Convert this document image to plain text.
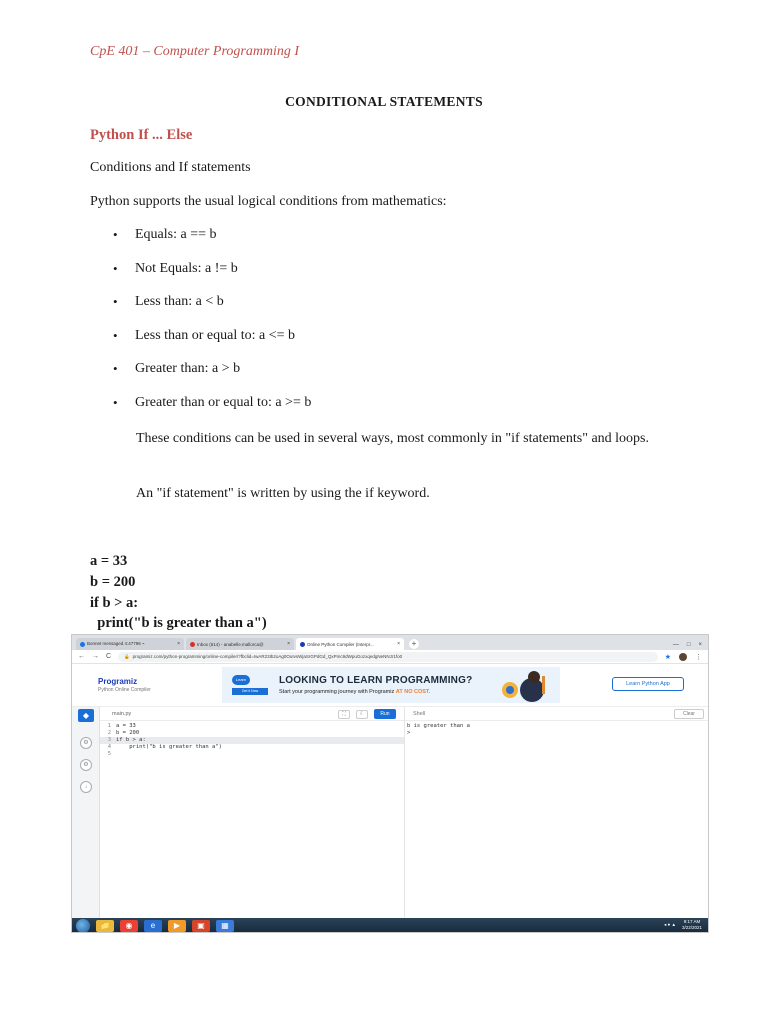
CpE 401 – Computer Programming I
CONDITIONAL STATEMENTS
Python If ... Else
Conditions and If statements
Python supports the usual logical conditions from mathematics:
•	Equals: a == b
•	Not Equals: a != b
•	Less than: a < b
•	Less than or equal to: a <= b
•	Greater than: a > b
•	Greater than or equal to: a >= b
These conditions can be used in several ways, most commonly in "if statements" and loops.
An "if statement" is written by using the if keyword.
a = 33
b = 200
if b > a:
print("b is greater than a")
Bonnet messaged 4:47796 ⌁	×	Inbox (614) - anabelle.mallorca@	×	Online Python Compiler (Interpr...	×	+	— □ ×
← → C	🔒 programiz.com/python-programming/online-compiler/?fbclid=IwAR23Ib2oAg0OuIvsWjaSrGPdGd_QxPmc9dWpuGozxqedgNeNNJr1fo0	★	⋮
Programiz
Python Online Compiler
Learn
Get it Now
LOOKING TO LEARN PROGRAMMING?
Start your programming journey with Programiz AT NO COST.
Learn Python App
◆
⚙
⚙
↓
main.py	⛶	☾	Run
1 a = 33
2 b = 200
3 if b > a:
4 print("b is greater than a")
5
Shell	Clear
b is greater than a
>
📁	◉	e	▶	▣	▦	◂ ● ▲
9:17 AM
3/22/2021
